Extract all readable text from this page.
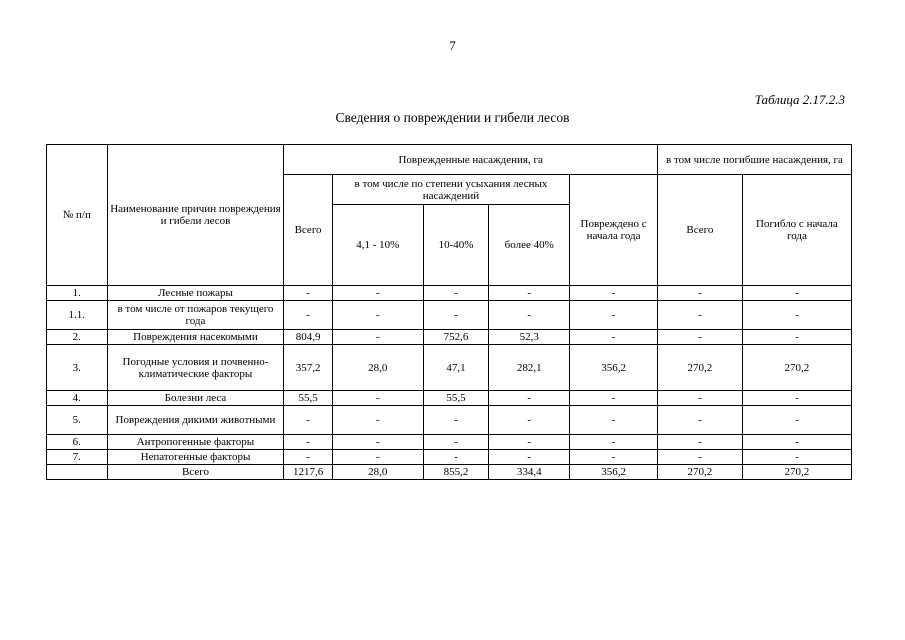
7
Таблица 2.17.2.3
Сведения о повреждении и гибели лесов
№ п/п	Наименование причин повреждения и гибели лесов	Поврежденные насаждения, га					в том числе погибшие насаждения, га	
		Всего	в том числе по степени усыхания лесных насаждений			Повреждено с начала года	Всего	Погибло с начала года
			4,1 - 10%	10-40%	более 40%			
1.	Лесные пожары	-	-	-	-	-	-	-
1.1.	в том числе от пожаров текущего года	-	-	-	-	-	-	-
2.	Повреждения насекомыми	804,9	-	752,6	52,3	-	-	-
3.	Погодные условия и почвенно-климатические факторы	357,2	28,0	47,1	282,1	356,2	270,2	270,2
4.	Болезни леса	55,5	-	55,5	-	-	-	-
5.	Повреждения дикими животными	-	-	-	-	-	-	-
6.	Антропогенные факторы	-	-	-	-	-	-	-
7.	Непатогенные факторы	-	-	-	-	-	-	-
	Всего	1217,6	28,0	855,2	334,4	356,2	270,2	270,2
